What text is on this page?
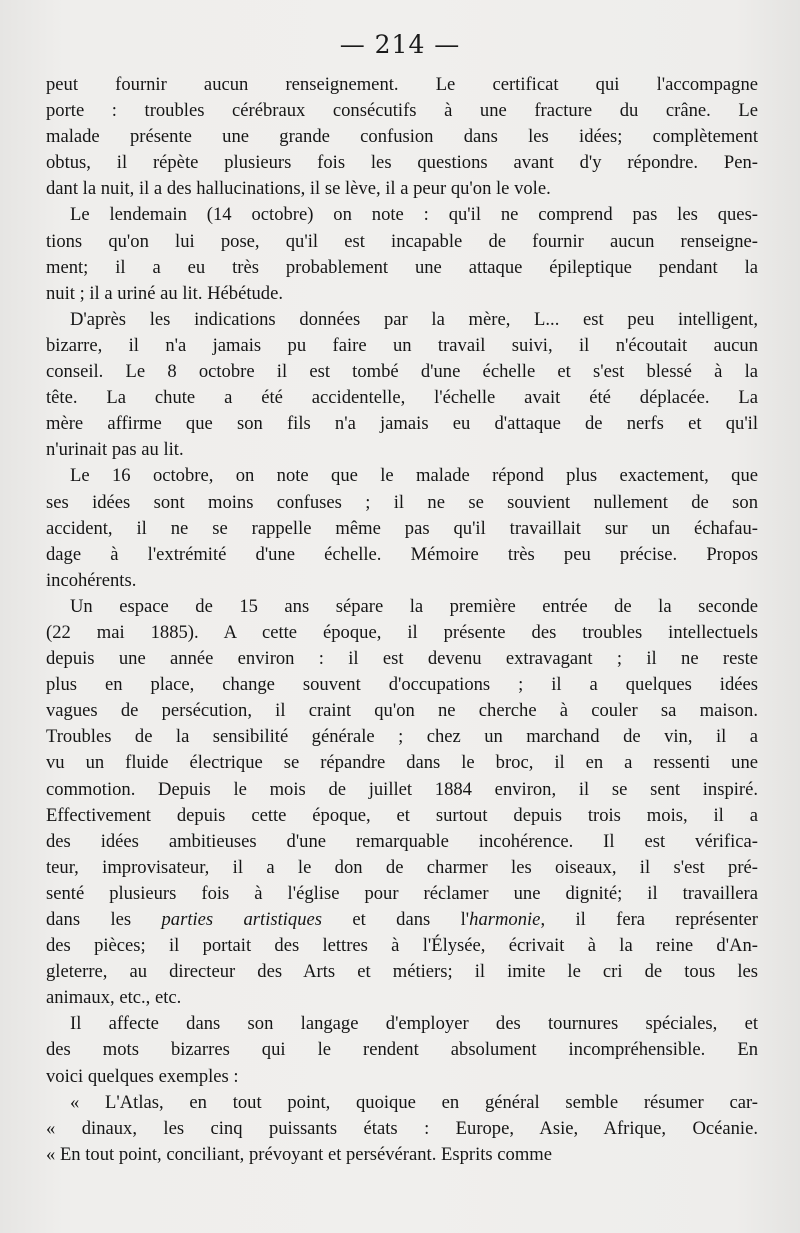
— 214 —
peut fournir aucun renseignement. Le certificat qui l'accompagne
porte : troubles cérébraux consécutifs à une fracture du crâne. Le
malade présente une grande confusion dans les idées; complètement
obtus, il répète plusieurs fois les questions avant d'y répondre. Pen-
dant la nuit, il a des hallucinations, il se lève, il a peur qu'on le vole.
Le lendemain (14 octobre) on note : qu'il ne comprend pas les ques-
tions qu'on lui pose, qu'il est incapable de fournir aucun renseigne-
ment; il a eu très probablement une attaque épileptique pendant la
nuit ; il a uriné au lit. Hébétude.
D'après les indications données par la mère, L... est peu intelligent,
bizarre, il n'a jamais pu faire un travail suivi, il n'écoutait aucun
conseil. Le 8 octobre il est tombé d'une échelle et s'est blessé à la
tête. La chute a été accidentelle, l'échelle avait été déplacée. La
mère affirme que son fils n'a jamais eu d'attaque de nerfs et qu'il
n'urinait pas au lit.
Le 16 octobre, on note que le malade répond plus exactement, que
ses idées sont moins confuses ; il ne se souvient nullement de son
accident, il ne se rappelle même pas qu'il travaillait sur un échafau-
dage à l'extrémité d'une échelle. Mémoire très peu précise. Propos
incohérents.
Un espace de 15 ans sépare la première entrée de la seconde
(22 mai 1885). A cette époque, il présente des troubles intellectuels
depuis une année environ : il est devenu extravagant ; il ne reste
plus en place, change souvent d'occupations ; il a quelques idées
vagues de persécution, il craint qu'on ne cherche à couler sa maison.
Troubles de la sensibilité générale ; chez un marchand de vin, il a
vu un fluide électrique se répandre dans le broc, il en a ressenti une
commotion. Depuis le mois de juillet 1884 environ, il se sent inspiré.
Effectivement depuis cette époque, et surtout depuis trois mois, il a
des idées ambitieuses d'une remarquable incohérence. Il est vérifica-
teur, improvisateur, il a le don de charmer les oiseaux, il s'est pré-
senté plusieurs fois à l'église pour réclamer une dignité; il travaillera
dans les parties artistiques et dans l'harmonie, il fera représenter
des pièces; il portait des lettres à l'Élysée, écrivait à la reine d'An-
gleterre, au directeur des Arts et métiers; il imite le cri de tous les
animaux, etc., etc.
Il affecte dans son langage d'employer des tournures spéciales, et
des mots bizarres qui le rendent absolument incompréhensible. En
voici quelques exemples :
« L'Atlas, en tout point, quoique en général semble résumer car-
« dinaux, les cinq puissants états : Europe, Asie, Afrique, Océanie.
« En tout point, conciliant, prévoyant et persévérant. Esprits comme
